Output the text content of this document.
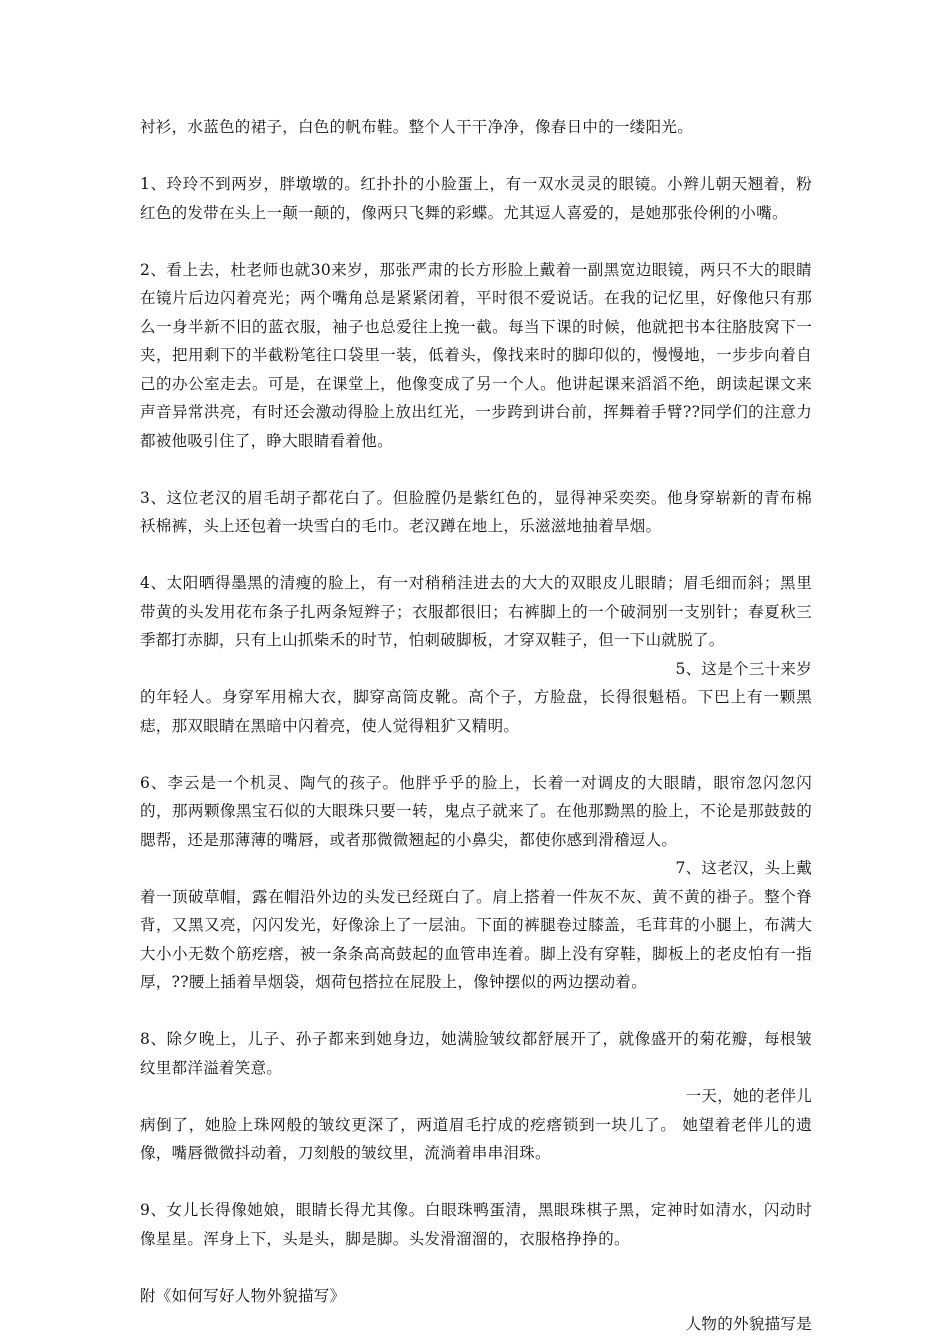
衬衫，水蓝色的裙子，白色的帆布鞋。整个人干干净净，像春日中的一缕阳光。

1、玲玲不到两岁，胖墩墩的。红扑扑的小脸蛋上，有一双水灵灵的眼镜。小辫儿朝天翘着，粉红色的发带在头上一颠一颠的，像两只飞舞的彩蝶。尤其逗人喜爱的，是她那张伶俐的小嘴。

2、看上去，杜老师也就30来岁，那张严肃的长方形脸上戴着一副黑宽边眼镜，两只不大的眼睛在镜片后边闪着亮光；两个嘴角总是紧紧闭着，平时很不爱说话。在我的记忆里，好像他只有那么一身半新不旧的蓝衣服，袖子也总爱往上挽一截。每当下课的时候，他就把书本往胳肢窝下一夹，把用剩下的半截粉笔往口袋里一装，低着头，像找来时的脚印似的，慢慢地，一步步向着自己的办公室走去。可是，在课堂上，他像变成了另一个人。他讲起课来滔滔不绝，朗读起课文来声音异常洪亮，有时还会激动得脸上放出红光，一步跨到讲台前，挥舞着手臂??同学们的注意力都被他吸引住了，睁大眼睛看着他。

3、这位老汉的眉毛胡子都花白了。但脸膛仍是紫红色的，显得神采奕奕。他身穿崭新的青布棉袄棉裤，头上还包着一块雪白的毛巾。老汉蹲在地上，乐滋滋地抽着旱烟。

4、太阳晒得墨黑的清瘦的脸上，有一对稍稍洼进去的大大的双眼皮儿眼睛；眉毛细而斜；黑里带黄的头发用花布条子扎两条短辫子；衣服都很旧；右裤脚上的一个破洞别一支别针；春夏秋三季都打赤脚，只有上山抓柴禾的时节，怕刺破脚板，才穿双鞋子，但一下山就脱了。

5、这是个三十来岁

的年轻人。身穿军用棉大衣，脚穿高筒皮靴。高个子，方脸盘，长得很魁梧。下巴上有一颗黑痣，那双眼睛在黑暗中闪着亮，使人觉得粗犷又精明。

6、李云是一个机灵、陶气的孩子。他胖乎乎的脸上，长着一对调皮的大眼睛，眼帘忽闪忽闪的，那两颗像黑宝石似的大眼珠只要一转，鬼点子就来了。在他那黝黑的脸上，不论是那鼓鼓的腮帮，还是那薄薄的嘴唇，或者那微微翘起的小鼻尖，都使你感到滑稽逗人。

7、这老汉，头上戴

着一顶破草帽，露在帽沿外边的头发已经斑白了。肩上搭着一件灰不灰、黄不黄的褂子。整个脊背，又黑又亮，闪闪发光，好像涂上了一层油。下面的裤腿卷过膝盖，毛茸茸的小腿上，布满大大小小无数个筋疙瘩，被一条条高高鼓起的血管串连着。脚上没有穿鞋，脚板上的老皮怕有一指厚，??腰上插着旱烟袋，烟荷包搭拉在屁股上，像钟摆似的两边摆动着。

8、除夕晚上，儿子、孙子都来到她身边，她满脸皱纹都舒展开了，就像盛开的菊花瓣，每根皱纹里都洋溢着笑意。

一天，她的老伴儿

病倒了，她脸上珠网般的皱纹更深了，两道眉毛拧成的疙瘩锁到一块儿了。 她望着老伴儿的遗像，嘴唇微微抖动着，刀刻般的皱纹里，流淌着串串泪珠。

9、女儿长得像她娘，眼睛长得尤其像。白眼珠鸭蛋清，黑眼珠棋子黑，定神时如清水，闪动时像星星。浑身上下，头是头，脚是脚。头发滑溜溜的，衣服格挣挣的。

附《如何写好人物外貌描写》

人物的外貌描写是
